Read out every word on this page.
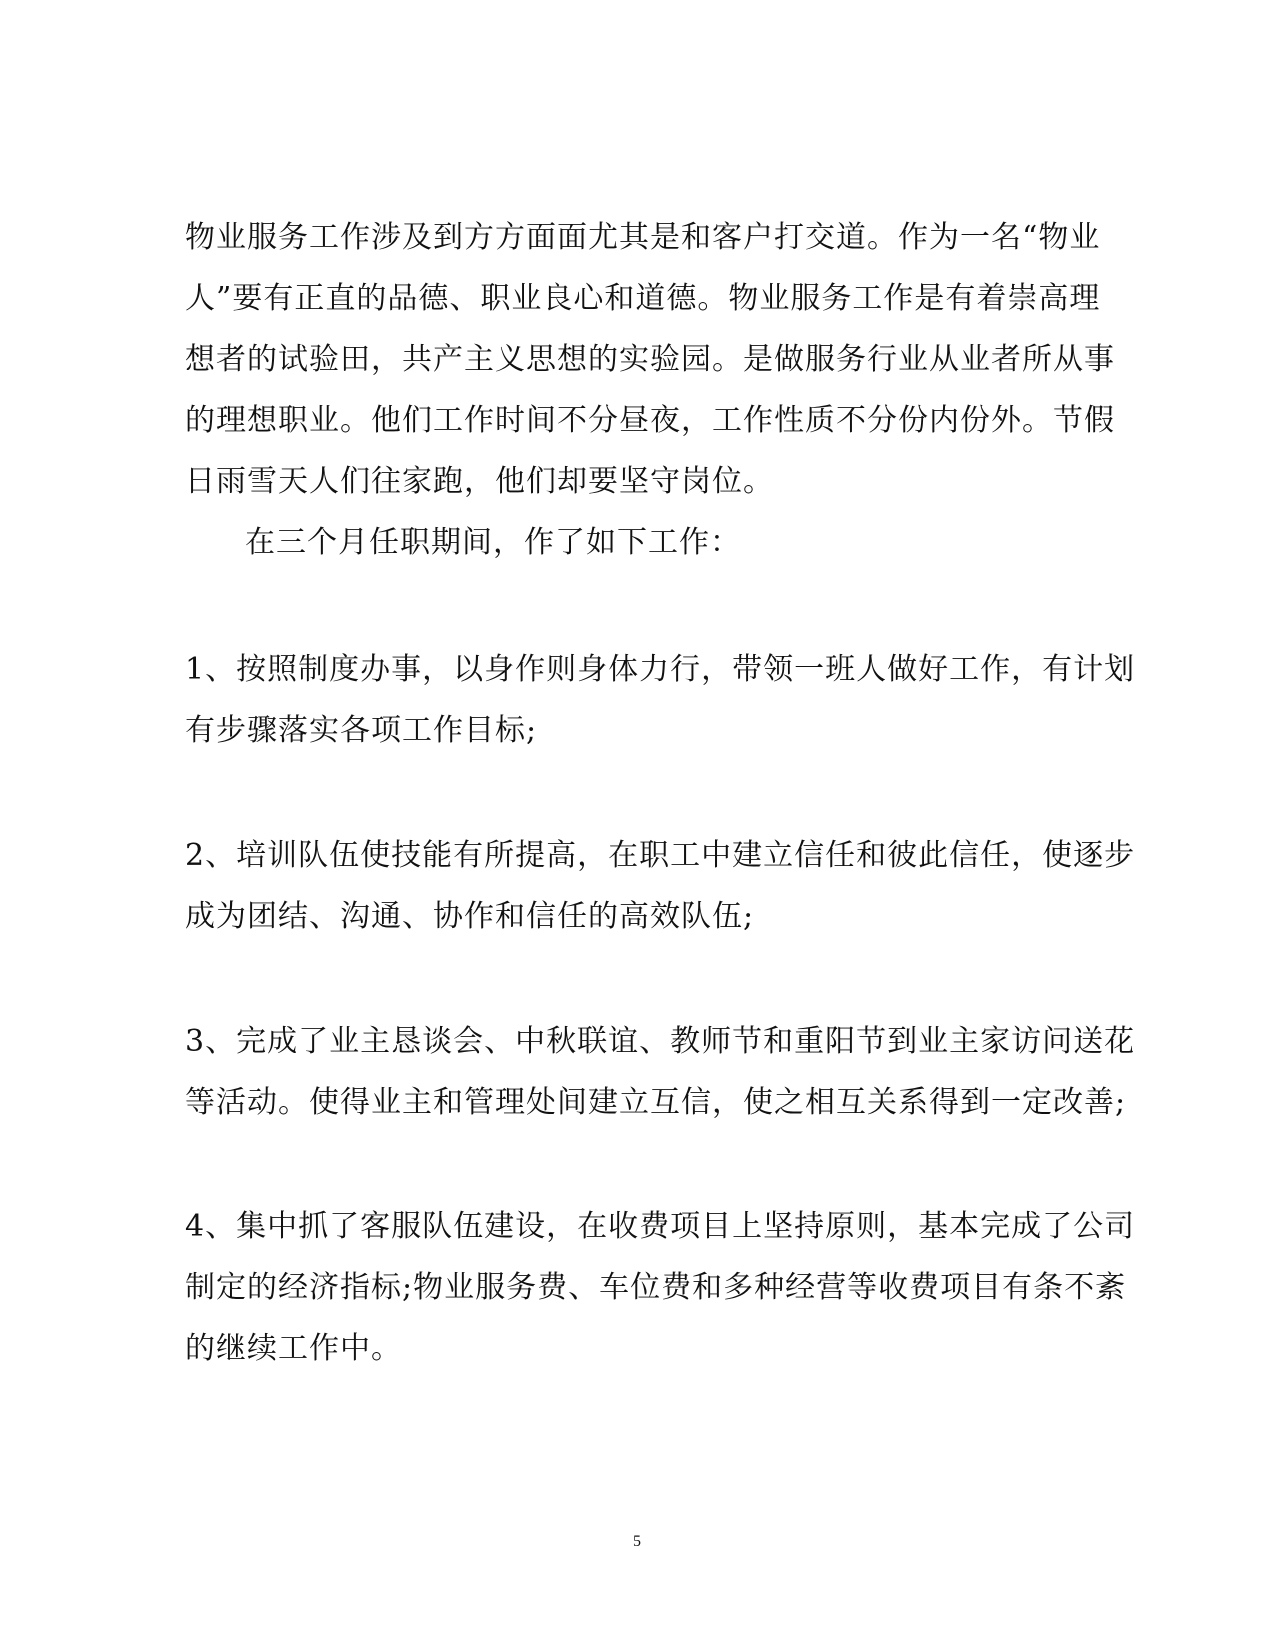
物业服务工作涉及到方方面面尤其是和客户打交道。作为一名“物业
人”要有正直的品德、职业良心和道德。物业服务工作是有着崇高理
想者的试验田，共产主义思想的实验园。是做服务行业从业者所从事
的理想职业。他们工作时间不分昼夜，工作性质不分份内份外。节假
日雨雪天人们往家跑，他们却要坚守岗位。
在三个月任职期间，作了如下工作：
1、按照制度办事，以身作则身体力行，带领一班人做好工作，有计划
有步骤落实各项工作目标;
2、培训队伍使技能有所提高，在职工中建立信任和彼此信任，使逐步
成为团结、沟通、协作和信任的高效队伍;
3、完成了业主恳谈会、中秋联谊、教师节和重阳节到业主家访问送花
等活动。使得业主和管理处间建立互信，使之相互关系得到一定改善;
4、集中抓了客服队伍建设，在收费项目上坚持原则，基本完成了公司
制定的经济指标;物业服务费、车位费和多种经营等收费项目有条不紊
的继续工作中。
5
